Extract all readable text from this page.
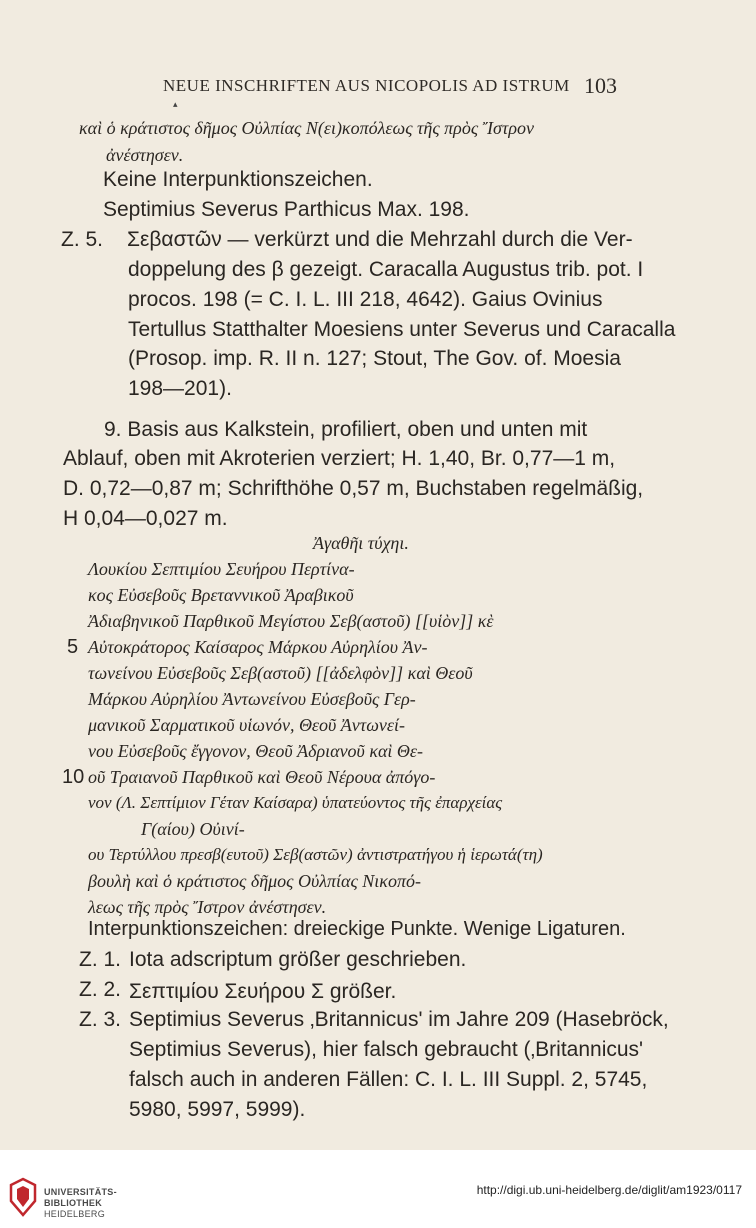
NEUE INSCHRIFTEN AUS NICOPOLIS AD ISTRUM 103
▴
καὶ ὁ κράτιστος δῆμος Οὐλπίας Ν(ει)κοπόλεως τῆς πρὸς Ἴστρον
ἀνέστησεν.
Keine Interpunktionszeichen.
Septimius Severus Parthicus Max. 198.
Z. 5. Σεβαστῶν — verkürzt und die Mehrzahl durch die Ver-
doppelung des β gezeigt. Caracalla Augustus trib. pot. I
procos. 198 (= C. I. L. III 218, 4642). Gaius Ovinius
Tertullus Statthalter Moesiens unter Severus und Caracalla
(Prosop. imp. R. II n. 127; Stout, The Gov. of. Moesia
198—201).
9. Basis aus Kalkstein, profiliert, oben und unten mit
Ablauf, oben mit Akroterien verziert; H. 1,40, Br. 0,77—1 m,
D. 0,72—0,87 m; Schrifthöhe 0,57 m, Buchstaben regelmäßig,
H 0,04—0,027 m.
Ἀγαθῆι τύχηι.
Λουκίου Σεπτιμίου Σευήρου Περτίνα-
κος Εὐσεβοῦς Βρεταννικοῦ Ἀραβικοῦ
Ἀδιαβηνικοῦ Παρθικοῦ Μεγίστου Σεβ(αστοῦ) [[υἱὸν]] κὲ
5 Αὐτοκράτορος Καίσαρος Μάρκου Αὐρηλίου Ἀν-
τωνείνου Εὐσεβοῦς Σεβ(αστοῦ) [[ἀδελφὸν]] καὶ Θεοῦ
Μάρκου Αὐρηλίου Ἀντωνείνου Εὐσεβοῦς Γερ-
μανικοῦ Σαρματικοῦ υἱωνόν, Θεοῦ Ἀντωνεί-
νου Εὐσεβοῦς ἔγγονον, Θεοῦ Ἀδριανοῦ καὶ Θε-
10 οῦ Τραιανοῦ Παρθικοῦ καὶ Θεοῦ Νέρουα ἀπόγο-
νον (Λ. Σεπτίμιον Γέταν Καίσαρα) ὑπατεύοντος τῆς ἐπαρχείας
Γ(αίου) Οὐινί-
ου Τερτύλλου πρεσβ(ευτοῦ) Σεβ(αστῶν) ἀντιστρατήγου ἡ ἱερωτά(τη)
βουλὴ καὶ ὁ κράτιστος δῆμος Οὐλπίας Νικοπό-
λεως τῆς πρὸς Ἴστρον ἀνέστησεν.
Interpunktionszeichen: dreieckige Punkte. Wenige Ligaturen.
Z. 1. Iota adscriptum größer geschrieben.
Z. 2. Σεπτιμίου Σευήρου Σ größer.
Z. 3. Septimius Severus ‚Britannicus' im Jahre 209 (Hasebröck,
Septimius Severus), hier falsch gebraucht (‚Britannicus'
falsch auch in anderen Fällen: C. I. L. III Suppl. 2, 5745,
5980, 5997, 5999).
UNIVERSITÄTS-
BIBLIOTHEK
HEIDELBERG
http://digi.ub.uni-heidelberg.de/diglit/am1923/0117
